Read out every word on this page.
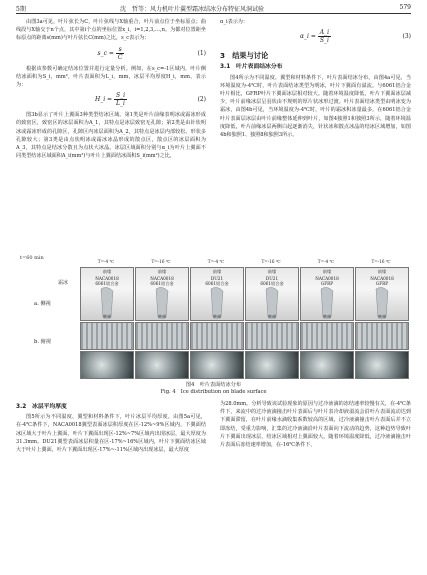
5期	沈　哲等：风力机叶片翼型霜冰结冰分布特征风洞试验	579

由图3a可见，叶片弦长为C，叶片弦线与X轴重合，叶片前点位于坐标原点；曲线段与X轴交于n个点，其中第i个点的坐标位置x_i，i=1,2,3,…,n。为都对位置距坐标原点的距离s(mm)与叶片弦长C(mm)之比，s_c表示为：

s_c = $\frac{s}{C}$	(1)

根据该参数可确定结冰位置并进行定量分析。例如，在s_c=-1区域内，叶片侧结冰面积为S_i，mm²，叶片表面积为L_i，mm，冰层平均厚度H_i，mm，表示为：

H_i = $\frac{S\_i}{L\_i}$	(2)

图3b显示了叶片上翼面3种类型结冰区域。第1类是叶片前缘表明冰或霜冰形成的致密区，致密区的冰层面积为A_1，其特点是冰层致密无孔隙；第2类是由针状明冰或霜冰形成的孔隙区，孔隙区内冰层面积为A_2，其特点是冰层内部较松、形状多孔隙较大；第3类是由点状明冰或霜冰冰晶形成的散点区，散点区的冰层面积为A_3，其特点是结冰分散且为点状大冰晶。冰层区域面积分别与α_i为叶片上翼面不同类型结冰区域面积A_i(mm²)与叶片上翼面结冰面积S_i(mm²)之比，

α_i表示为：

α_i = $\frac{A\_i}{S\_i}$	(3)
3　结果与讨论
3.1　叶片表面结冰分布

图4所示为不同温度、翼型和材料条件下，叶片表面结冰分布。由图4a可见，当环境温度为-4℃时，叶片表面结冰类型为明冰，叶片下翼面有溢流。与6061铝合金叶片相比，GFRP叶片下翼面冰层相对较大。随着环境温度降低，叶片下翼面冰层减少，叶片前缘冰层呈羽状由不规则的厚片状冰形过渡。叶片表面结冰类型由明冰变为霜冰，由图4b可见，当环境温度为-4℃时，叶片的霜冰积冰量最多。在6061铝合金叶片表面层冰层由叶片前缘整体延伸到叶片，如图4独照1和独照3所示，随着环境温度降低，叶片前缘冰层两侧白起逐渐消失，针状冰和散点冰晶的结冰区域增加，如图4b和独照1、独照8和独照3所示。

t=60 min
霜冰
a. 侧视
b. 俯视
T=-4 ℃
前缘
NACA0018
6061铝合金
底部
T=-16 ℃
前缘
NACA0018
6061铝合金
底部
T=-4 ℃
前缘
DU21
6061铝合金
底部
T=-16 ℃
前缘
DU21
6061铝合金
底部
T=-4 ℃
前缘
NACA0018
GFRP
底部
T=-16 ℃
前缘
NACA0018
GFRP
底部
图4　叶片表面结冰分布
Fig. 4　Ice distribution on blade surface
3.2　冰层平均厚度

图5所示为不同温度、翼型和材料条件下，叶片冰层平均厚度。由图5a可见，在-4℃条件下，NACA0018翼型表面冰层积厚度在区-12%~9%区域内，下翼面结冰区域大于叶片上翼面，叶片下翼面出现区-12%~7%区域内出现冰层，最大厚度为31.3mm。DU21翼型表面冰层积量在区-17%~16%区域内，叶片下翼面结冰区域大于叶片上翼面，叶片下翼面出现区-17%~-11%区域内出现冰层，最大厚度

为28.0mm。分析导致该试验现象的原因与过冷液滴的冻结速率较慢有关，在-4℃条件下，来流中的过冷液滴撞击叶片表面后与叶片表冷却液溢流会沿叶片表面流动达到下翼面滞留，在叶片前缘水滴收集系数较高的区域，过冷液滴撞击叶片表面后并不立即冻结，受重力影响，汇集的过冷液滴沿叶片表面向下流动的趋势，这种趋势导致叶片下翼面出现冰层，结冰区域相对上翼面较大。随着环境温度降低，过冷液滴撞击叶片表面后冻结速率增加，在-16℃条件下，
